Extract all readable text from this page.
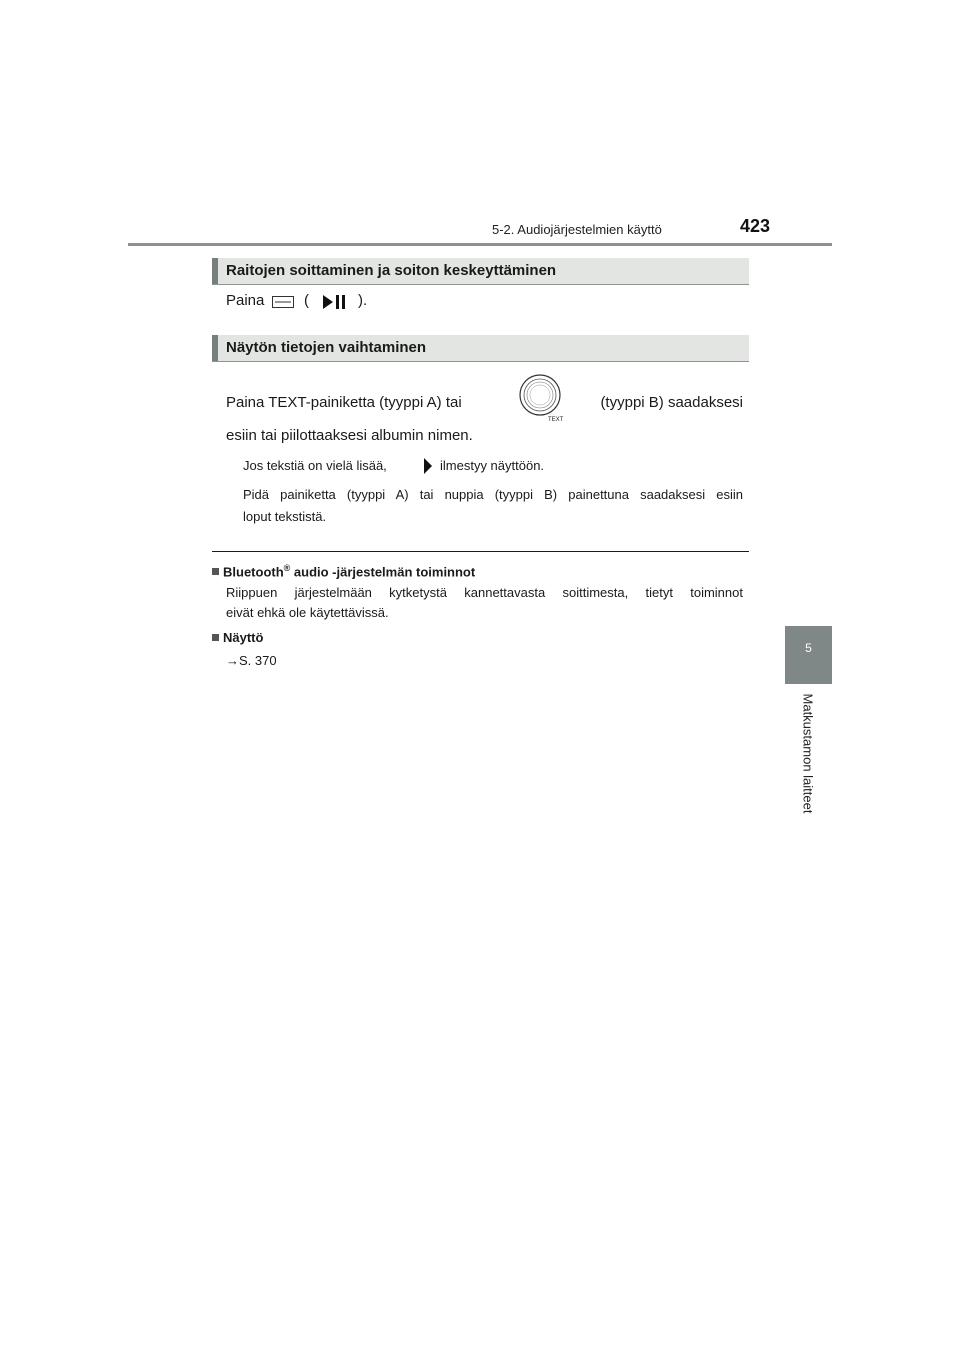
5-2. Audiojärjestelmien käyttö	423
5
Matkustamon laitteet
Raitojen soittaminen ja soiton keskeyttäminen
Paina	(	).
Näytön tietojen vaihtaminen
Paina TEXT-painiketta (tyyppi A) tai
TEXT
(tyyppi B) saadaksesi
esiin tai piilottaaksesi albumin nimen.
Jos tekstiä on vielä lisää,	ilmestyy näyttöön.
Pidä painiketta (tyyppi A) tai nuppia (tyyppi B) painettuna saadaksesi esiin
loput tekstistä.
Bluetooth® audio -järjestelmän toiminnot
Riippuen järjestelmään kytketystä kannettavasta soittimesta, tietyt toiminnot
eivät ehkä ole käytettävissä.
Näyttö
→S. 370
